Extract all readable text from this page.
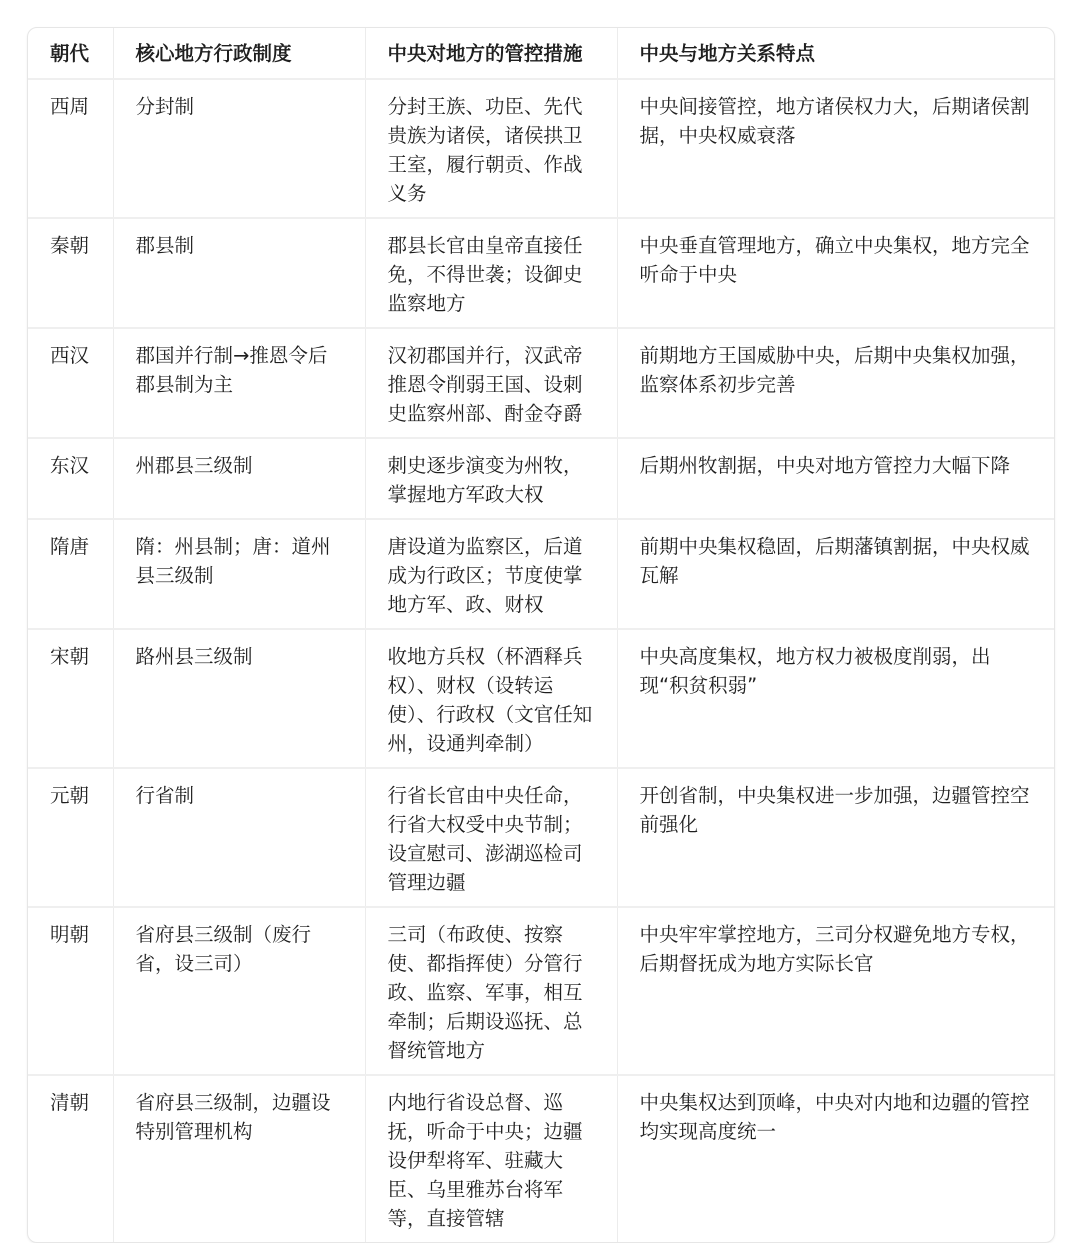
朝代	核心地方行政制度	中央对地方的管控措施	中央与地方关系特点
西周	分封制	分封王族、功臣、先代贵族为诸侯，诸侯拱卫王室，履行朝贡、作战义务	中央间接管控，地方诸侯权力大，后期诸侯割据，中央权威衰落
秦朝	郡县制	郡县长官由皇帝直接任免，不得世袭；设御史监察地方	中央垂直管理地方，确立中央集权，地方完全听命于中央
西汉	郡国并行制→推恩令后郡县制为主	汉初郡国并行，汉武帝推恩令削弱王国、设刺史监察州部、酎金夺爵	前期地方王国威胁中央，后期中央集权加强，监察体系初步完善
东汉	州郡县三级制	刺史逐步演变为州牧，掌握地方军政大权	后期州牧割据，中央对地方管控力大幅下降
隋唐	隋：州县制；唐：道州县三级制	唐设道为监察区，后道成为行政区；节度使掌地方军、政、财权	前期中央集权稳固，后期藩镇割据，中央权威瓦解
宋朝	路州县三级制	收地方兵权（杯酒释兵权）、财权（设转运使）、行政权（文官任知州，设通判牵制）	中央高度集权，地方权力被极度削弱，出现“积贫积弱”
元朝	行省制	行省长官由中央任命，行省大权受中央节制；设宣慰司、澎湖巡检司管理边疆	开创省制，中央集权进一步加强，边疆管控空前强化
明朝	省府县三级制（废行省，设三司）	三司（布政使、按察使、都指挥使）分管行政、监察、军事，相互牵制；后期设巡抚、总督统管地方	中央牢牢掌控地方，三司分权避免地方专权，后期督抚成为地方实际长官
清朝	省府县三级制，边疆设特别管理机构	内地行省设总督、巡抚，听命于中央；边疆设伊犁将军、驻藏大臣、乌里雅苏台将军等，直接管辖	中央集权达到顶峰，中央对内地和边疆的管控均实现高度统一
